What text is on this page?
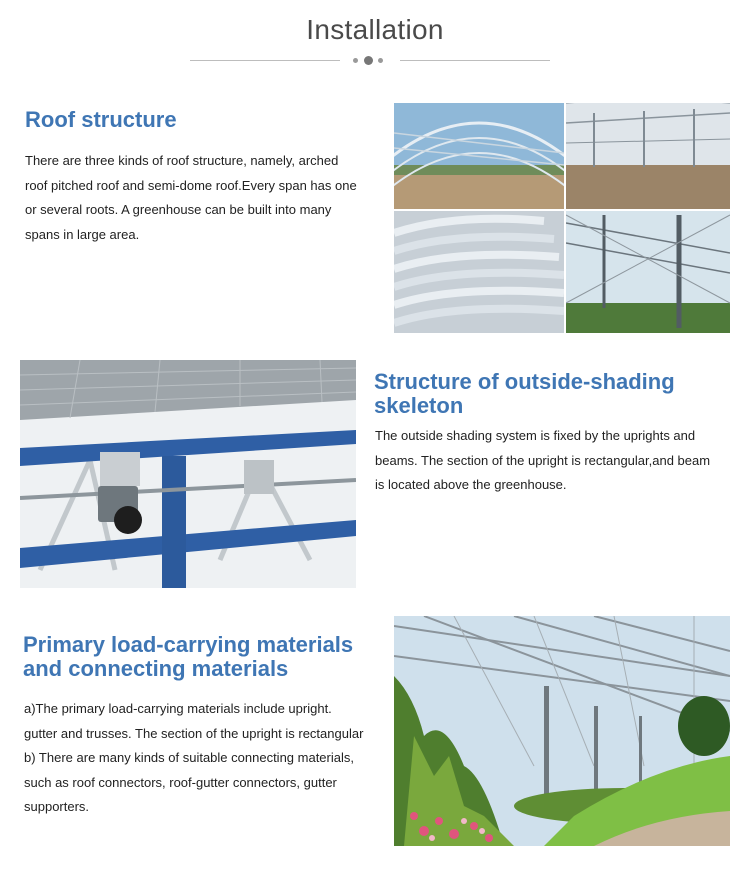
Installation
Roof structure
There are three kinds of roof structure, namely, arched
roof pitched roof and semi-dome roof.Every span has one
or several roots. A greenhouse can be built into many
spans in large area.
Structure of outside-shading
skeleton
The outside shading system is fixed by the uprights and
beams. The section of the upright is rectangular,and beam
is located above the greenhouse.
Primary load-carrying materials
and connecting materials
a)The primary load-carrying materials include upright.
gutter and trusses. The section of the upright is rectangular
b) There are many kinds of suitable connecting materials,
such as roof connectors, roof-gutter connectors, gutter
supporters.
